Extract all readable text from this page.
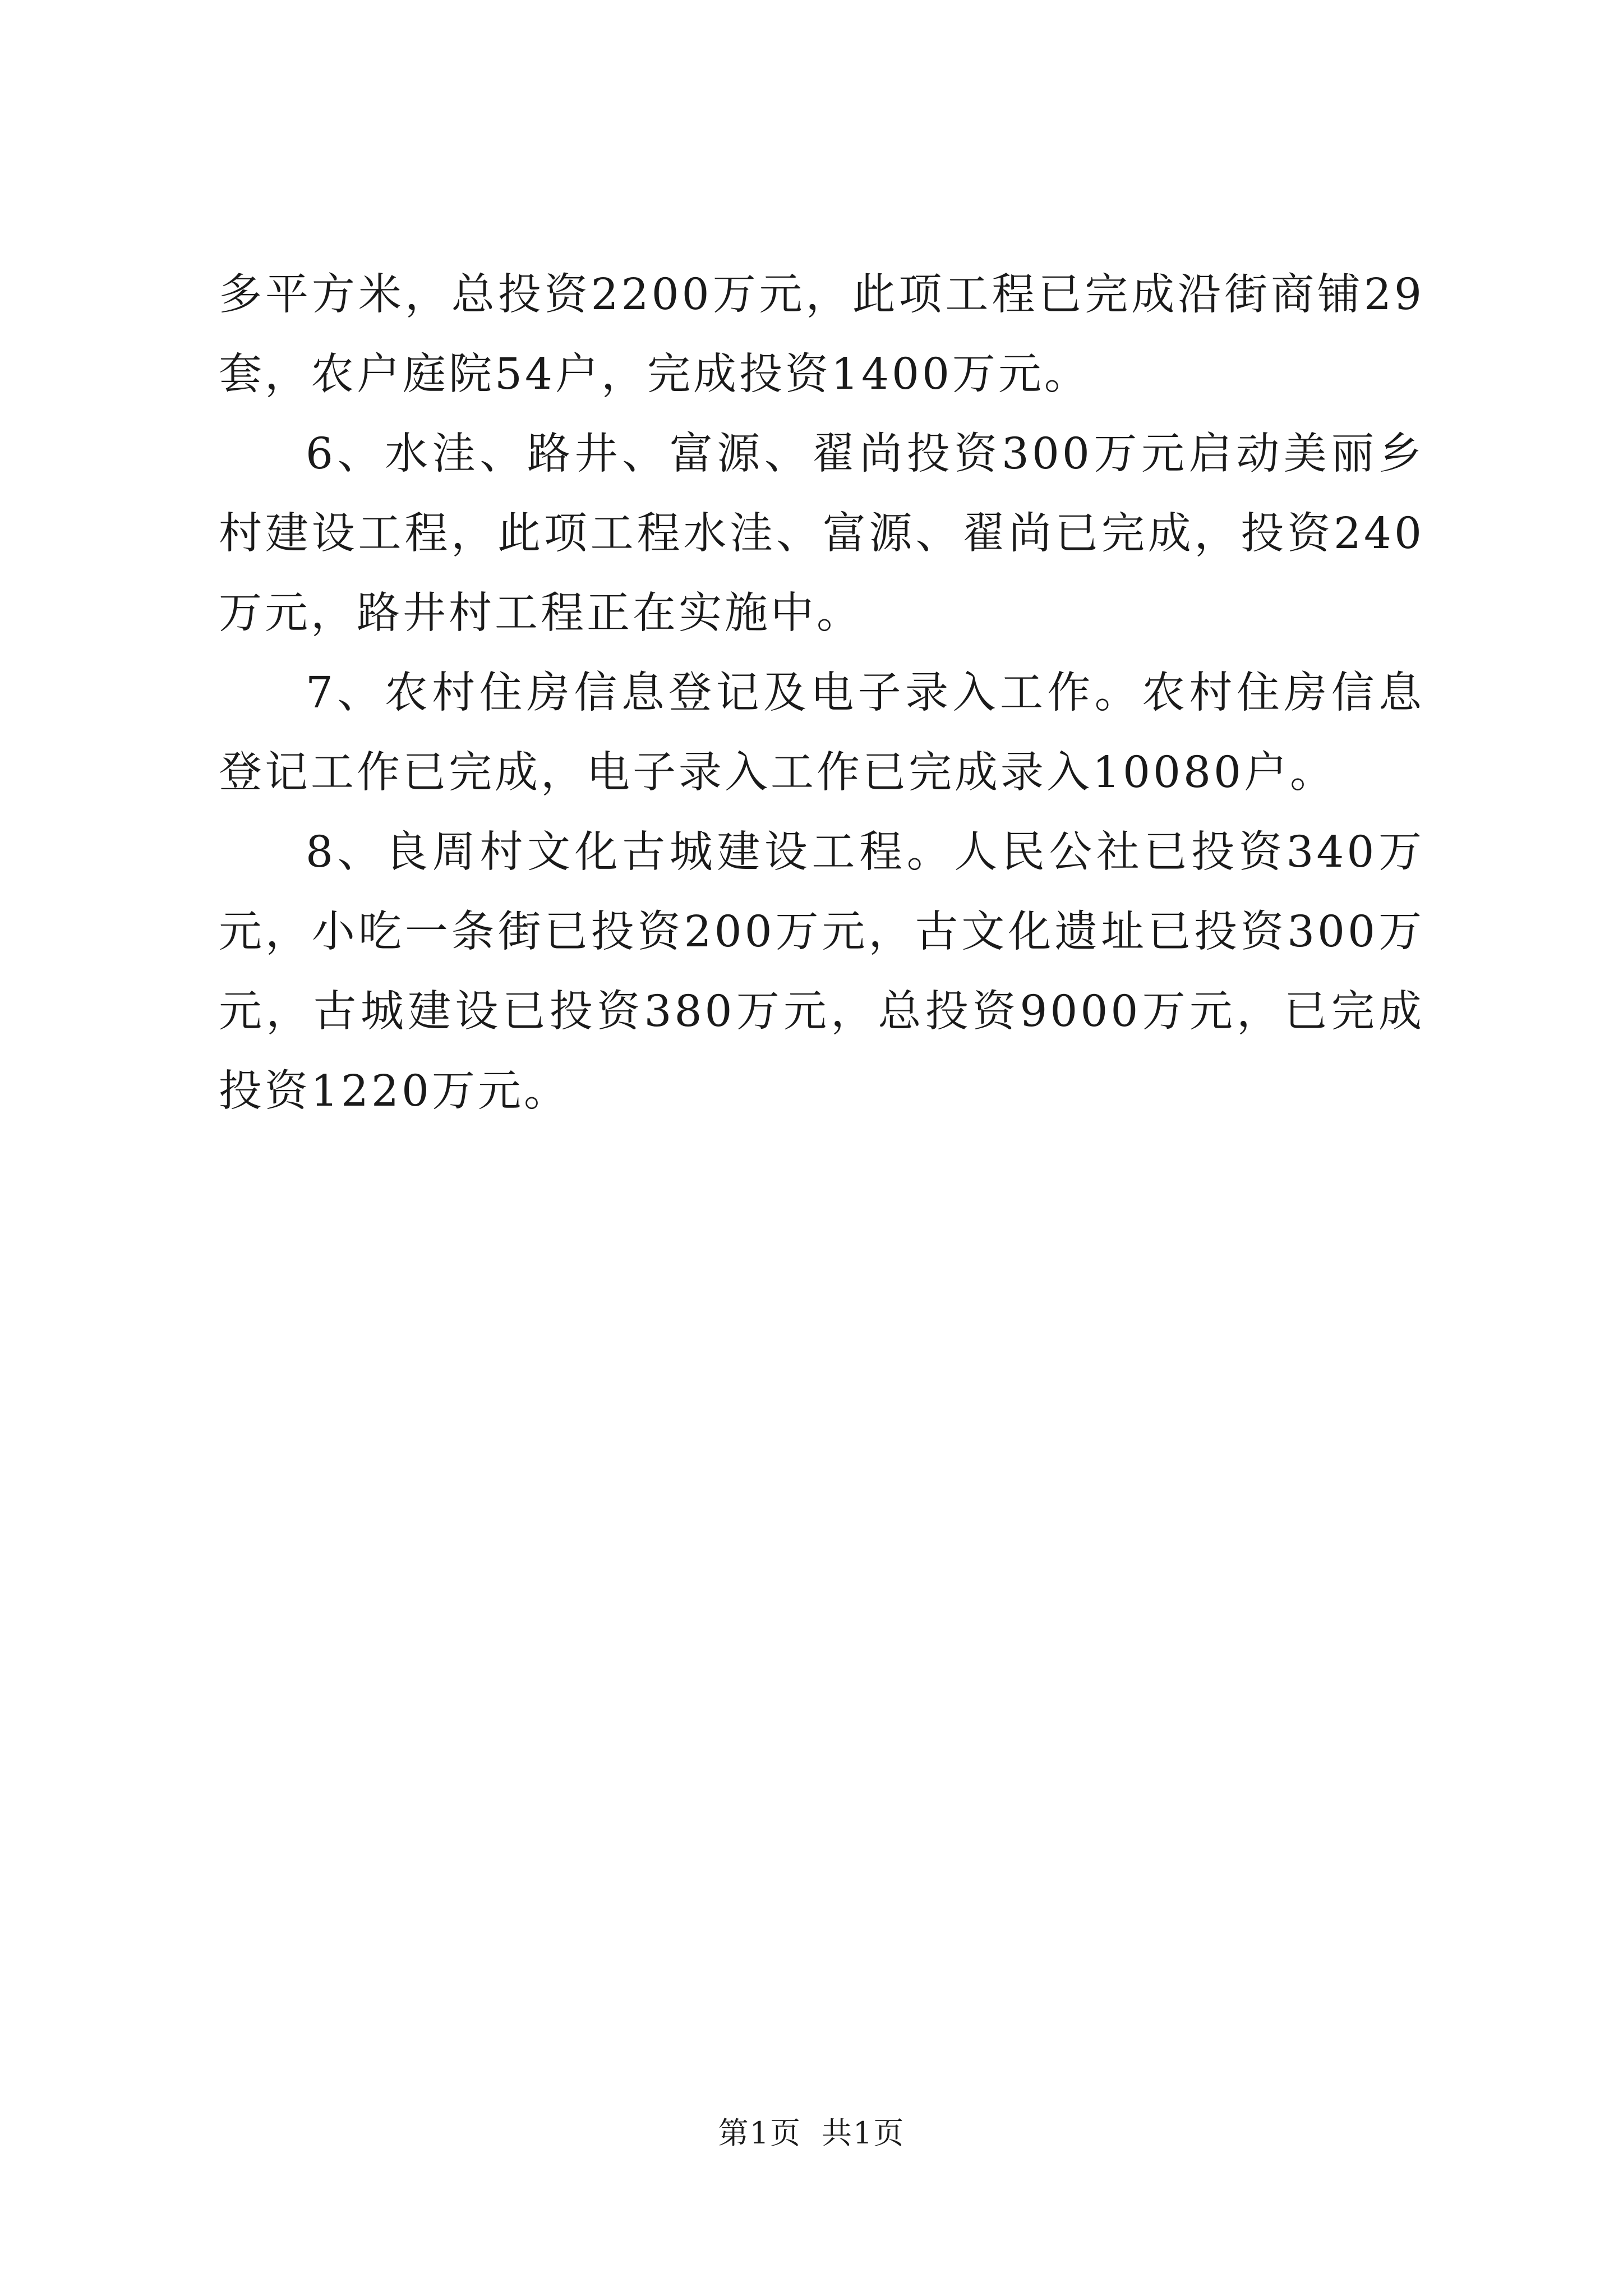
多平方米，总投资2200万元，此项工程已完成沿街商铺29套，农户庭院54户，完成投资1400万元。

6、水洼、路井、富源、翟尚投资300万元启动美丽乡村建设工程，此项工程水洼、富源、翟尚已完成，投资240万元，路井村工程正在实施中。

7、农村住房信息登记及电子录入工作。农村住房信息登记工作已完成，电子录入工作已完成录入10080户。

8、良周村文化古城建设工程。人民公社已投资340万元，小吃一条街已投资200万元，古文化遗址已投资300万元，古城建设已投资380万元，总投资9000万元，已完成投资1220万元。

第1页 共1页
